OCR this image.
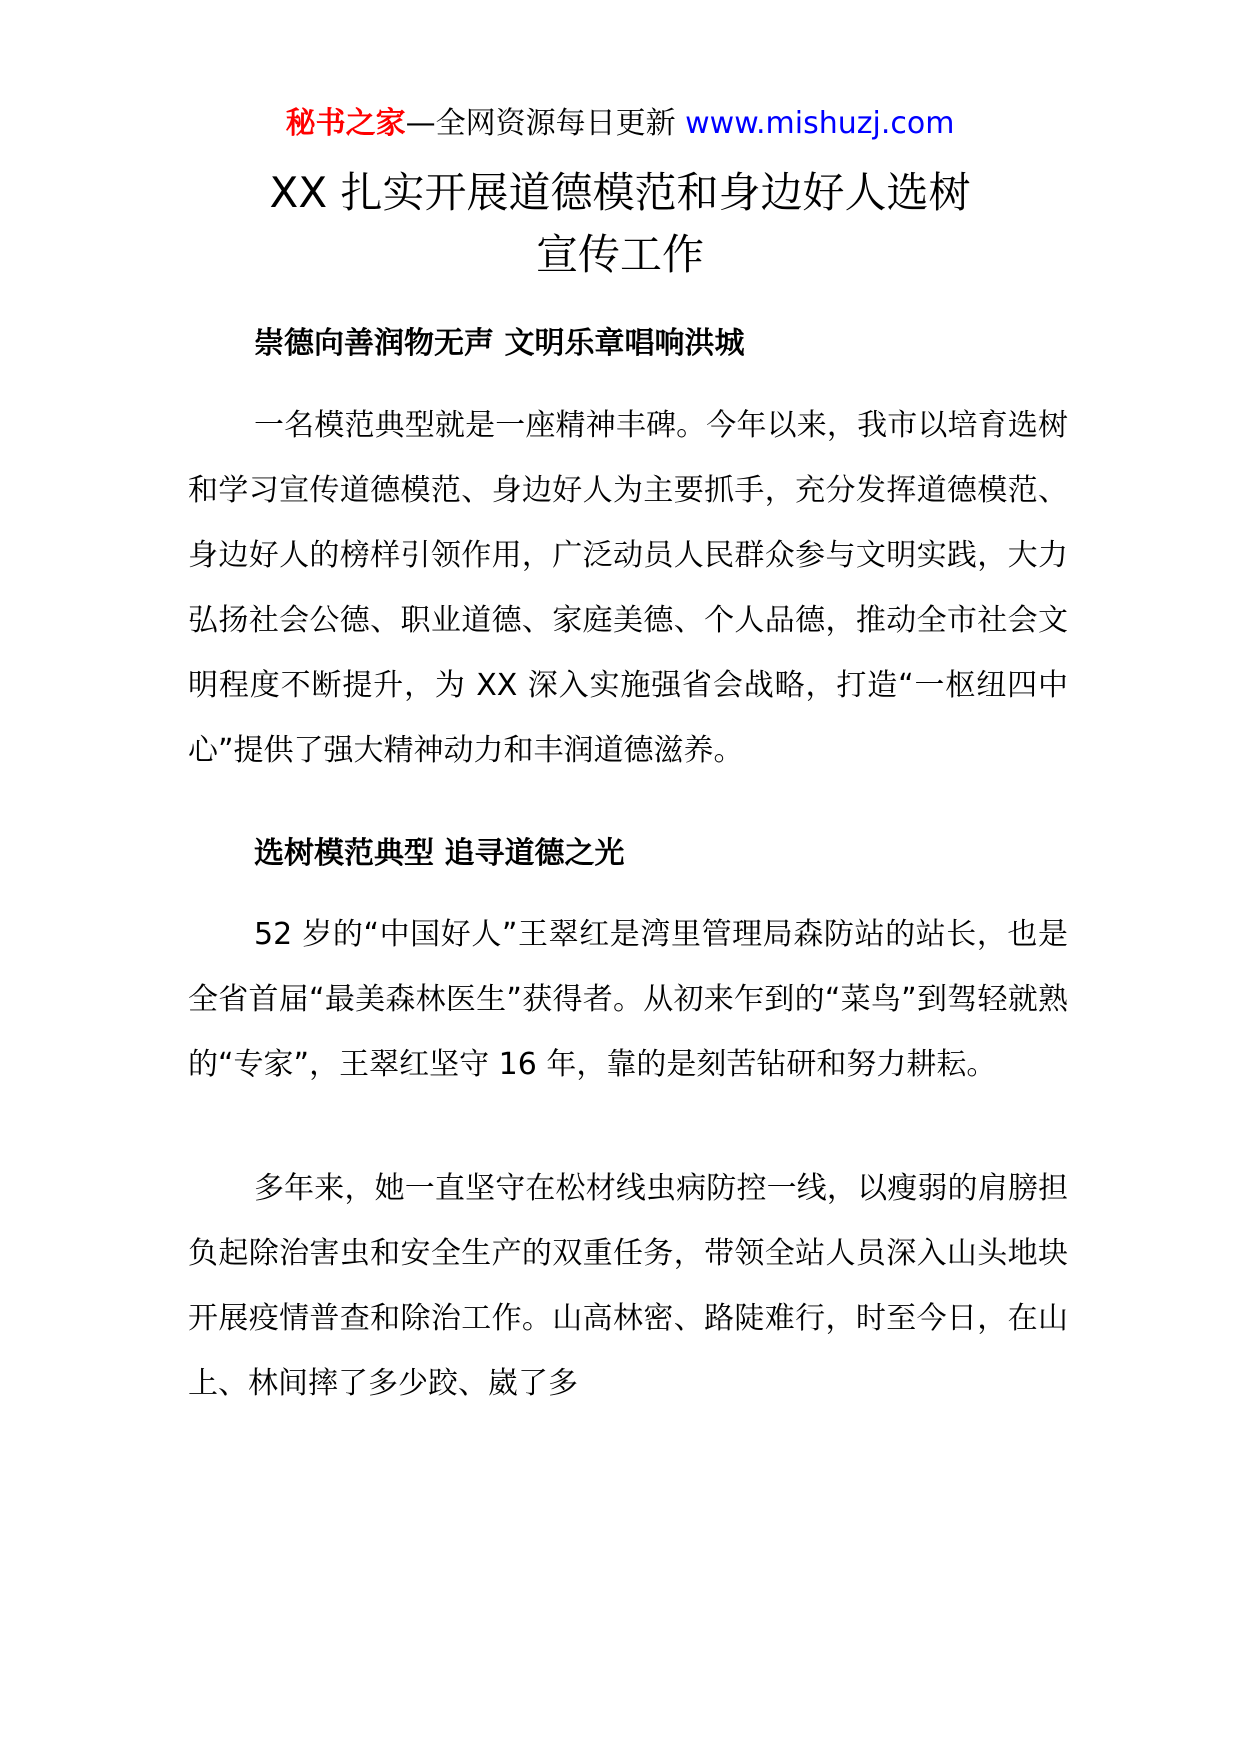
秘书之家—全网资源每日更新 www.mishuzj.com
XX 扎实开展道德模范和身边好人选树
宣传工作
崇德向善润物无声 文明乐章唱响洪城

一名模范典型就是一座精神丰碑。今年以来，我市以培育选树和学习宣传道德模范、身边好人为主要抓手，充分发挥道德模范、身边好人的榜样引领作用，广泛动员人民群众参与文明实践，大力弘扬社会公德、职业道德、家庭美德、个人品德，推动全市社会文明程度不断提升，为 XX 深入实施强省会战略，打造“一枢纽四中心”提供了强大精神动力和丰润道德滋养。

选树模范典型 追寻道德之光

52 岁的“中国好人”王翠红是湾里管理局森防站的站长，也是全省首届“最美森林医生”获得者。从初来乍到的“菜鸟”到驾轻就熟的“专家”，王翠红坚守 16 年，靠的是刻苦钻研和努力耕耘。

多年来，她一直坚守在松材线虫病防控一线，以瘦弱的肩膀担负起除治害虫和安全生产的双重任务，带领全站人员深入山头地块开展疫情普查和除治工作。山高林密、路陡难行，时至今日，在山上、林间摔了多少跤、崴了多
